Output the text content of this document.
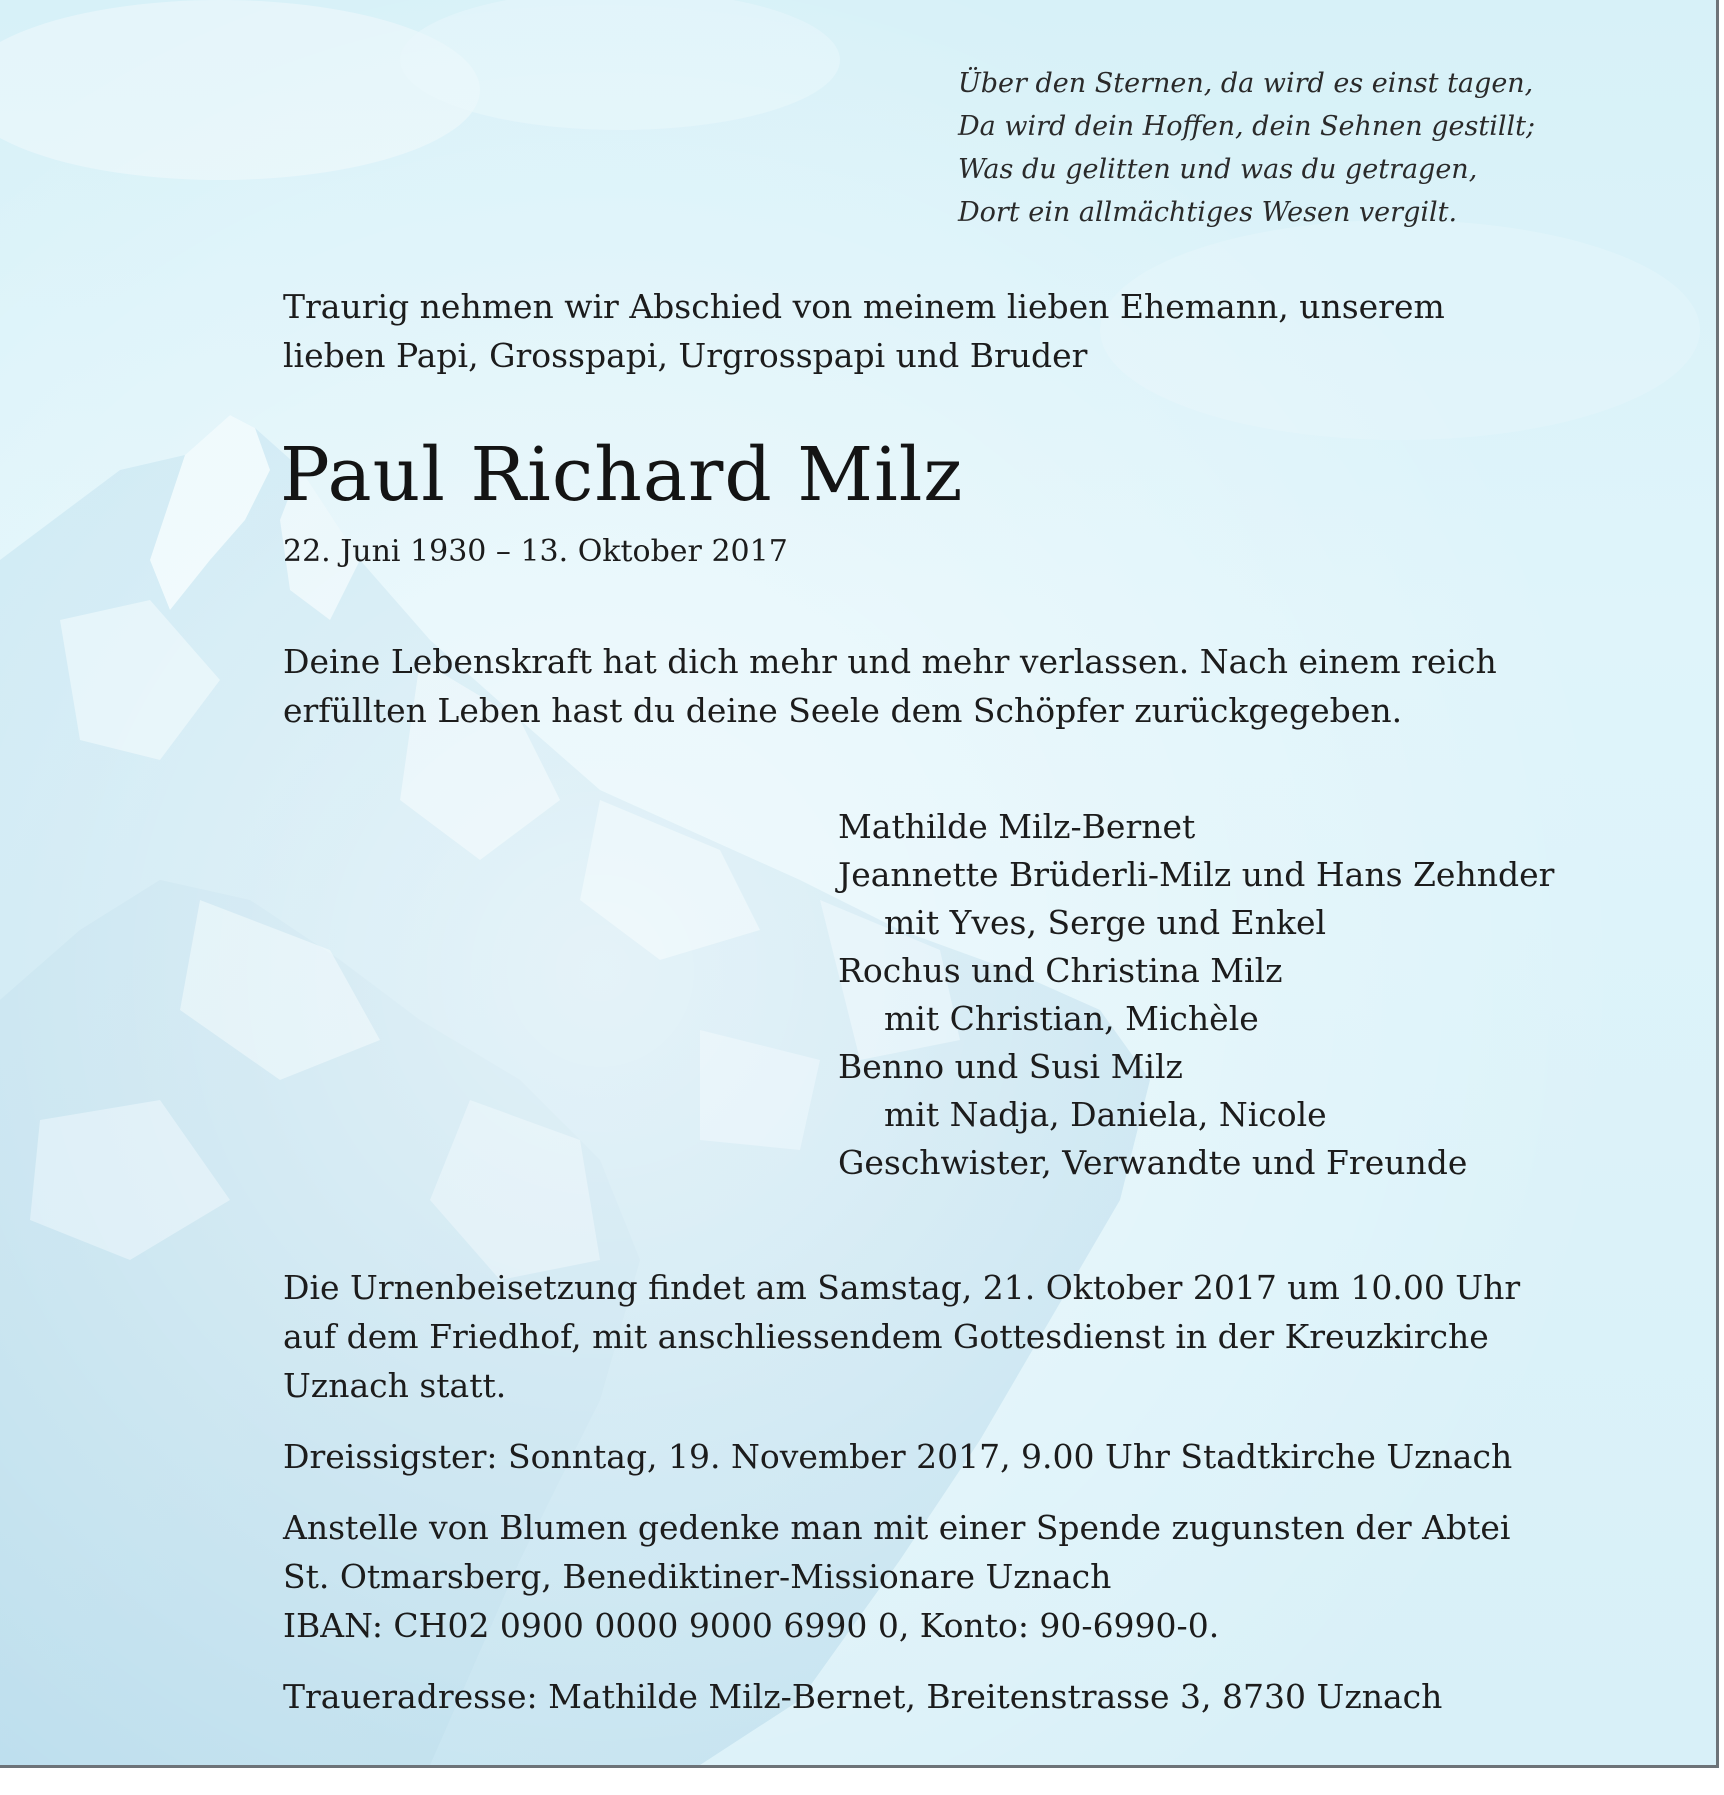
Über den Sternen, da wird es einst tagen,
Da wird dein Hoffen, dein Sehnen gestillt;
Was du gelitten und was du getragen,
Dort ein allmächtiges Wesen vergilt.
Traurig nehmen wir Abschied von meinem lieben Ehemann, unserem
lieben Papi, Grosspapi, Urgrosspapi und Bruder
Paul Richard Milz
22. Juni 1930 – 13. Oktober 2017
Deine Lebenskraft hat dich mehr und mehr verlassen. Nach einem reich
erfüllten Leben hast du deine Seele dem Schöpfer zurückgegeben.
Mathilde Milz-Bernet
Jeannette Brüderli-Milz und Hans Zehnder
mit Yves, Serge und Enkel
Rochus und Christina Milz
mit Christian, Michèle
Benno und Susi Milz
mit Nadja, Daniela, Nicole
Geschwister, Verwandte und Freunde

Die Urnenbeisetzung findet am Samstag, 21. Oktober 2017 um 10.00 Uhr
auf dem Friedhof, mit anschliessendem Gottesdienst in der Kreuzkirche
Uznach statt.

Dreissigster: Sonntag, 19. November 2017, 9.00 Uhr Stadtkirche Uznach

Anstelle von Blumen gedenke man mit einer Spende zugunsten der Abtei
St. Otmarsberg, Benediktiner-Missionare Uznach
IBAN: CH02 0900 0000 9000 6990 0, Konto: 90-6990-0.

Traueradresse: Mathilde Milz-Bernet, Breitenstrasse 3, 8730 Uznach
